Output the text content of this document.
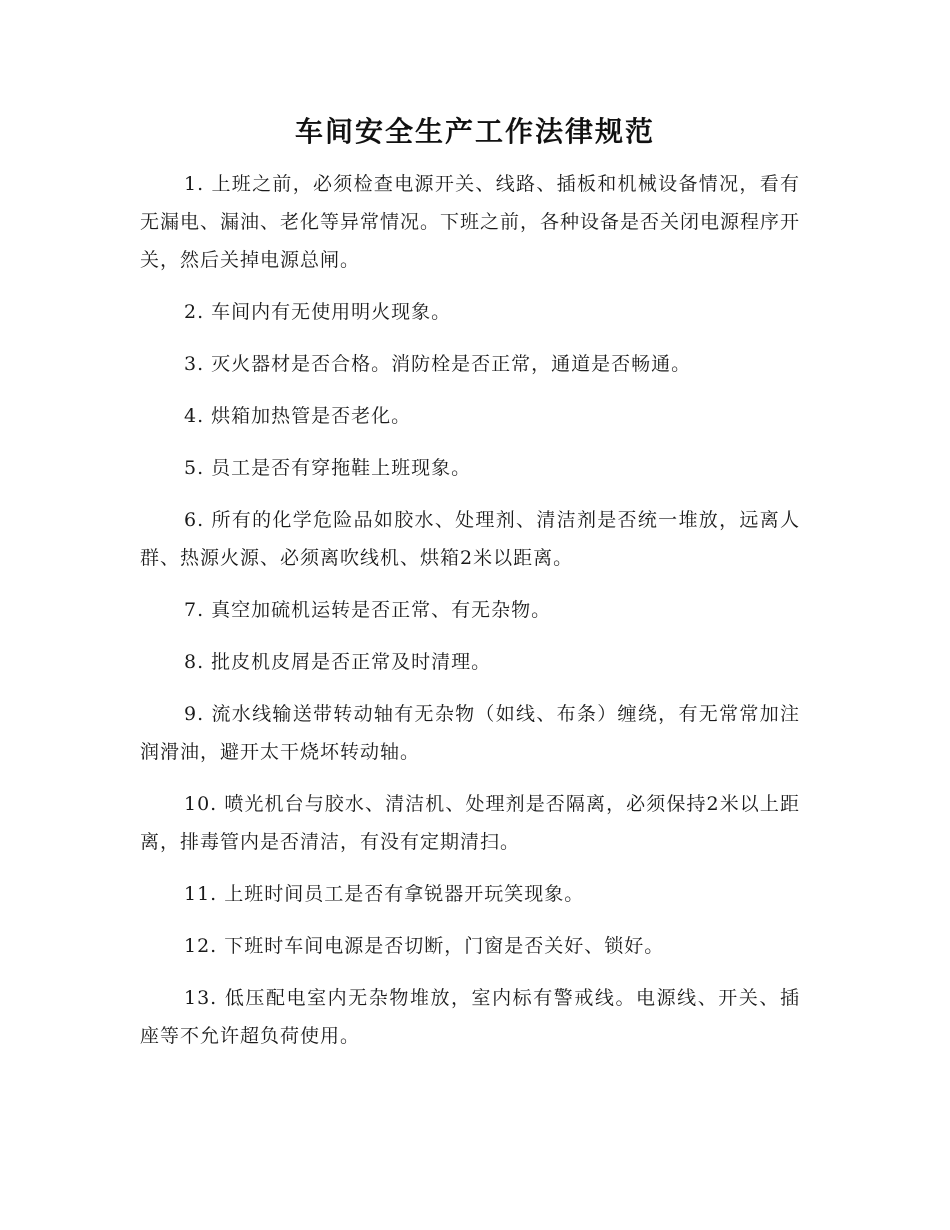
车间安全生产工作法律规范

1. 上班之前，必须检查电源开关、线路、插板和机械设备情况，看有无漏电、漏油、老化等异常情况。下班之前，各种设备是否关闭电源程序开关，然后关掉电源总闸。

2. 车间内有无使用明火现象。

3. 灭火器材是否合格。消防栓是否正常，通道是否畅通。

4. 烘箱加热管是否老化。

5. 员工是否有穿拖鞋上班现象。

6. 所有的化学危险品如胶水、处理剂、清洁剂是否统一堆放，远离人群、热源火源、必须离吹线机、烘箱2米以距离。

7. 真空加硫机运转是否正常、有无杂物。

8. 批皮机皮屑是否正常及时清理。

9. 流水线输送带转动轴有无杂物（如线、布条）缠绕，有无常常加注润滑油，避开太干烧坏转动轴。

10. 喷光机台与胶水、清洁机、处理剂是否隔离，必须保持2米以上距离，排毒管内是否清洁，有没有定期清扫。

11. 上班时间员工是否有拿锐器开玩笑现象。

12. 下班时车间电源是否切断，门窗是否关好、锁好。

13. 低压配电室内无杂物堆放，室内标有警戒线。电源线、开关、插座等不允许超负荷使用。
